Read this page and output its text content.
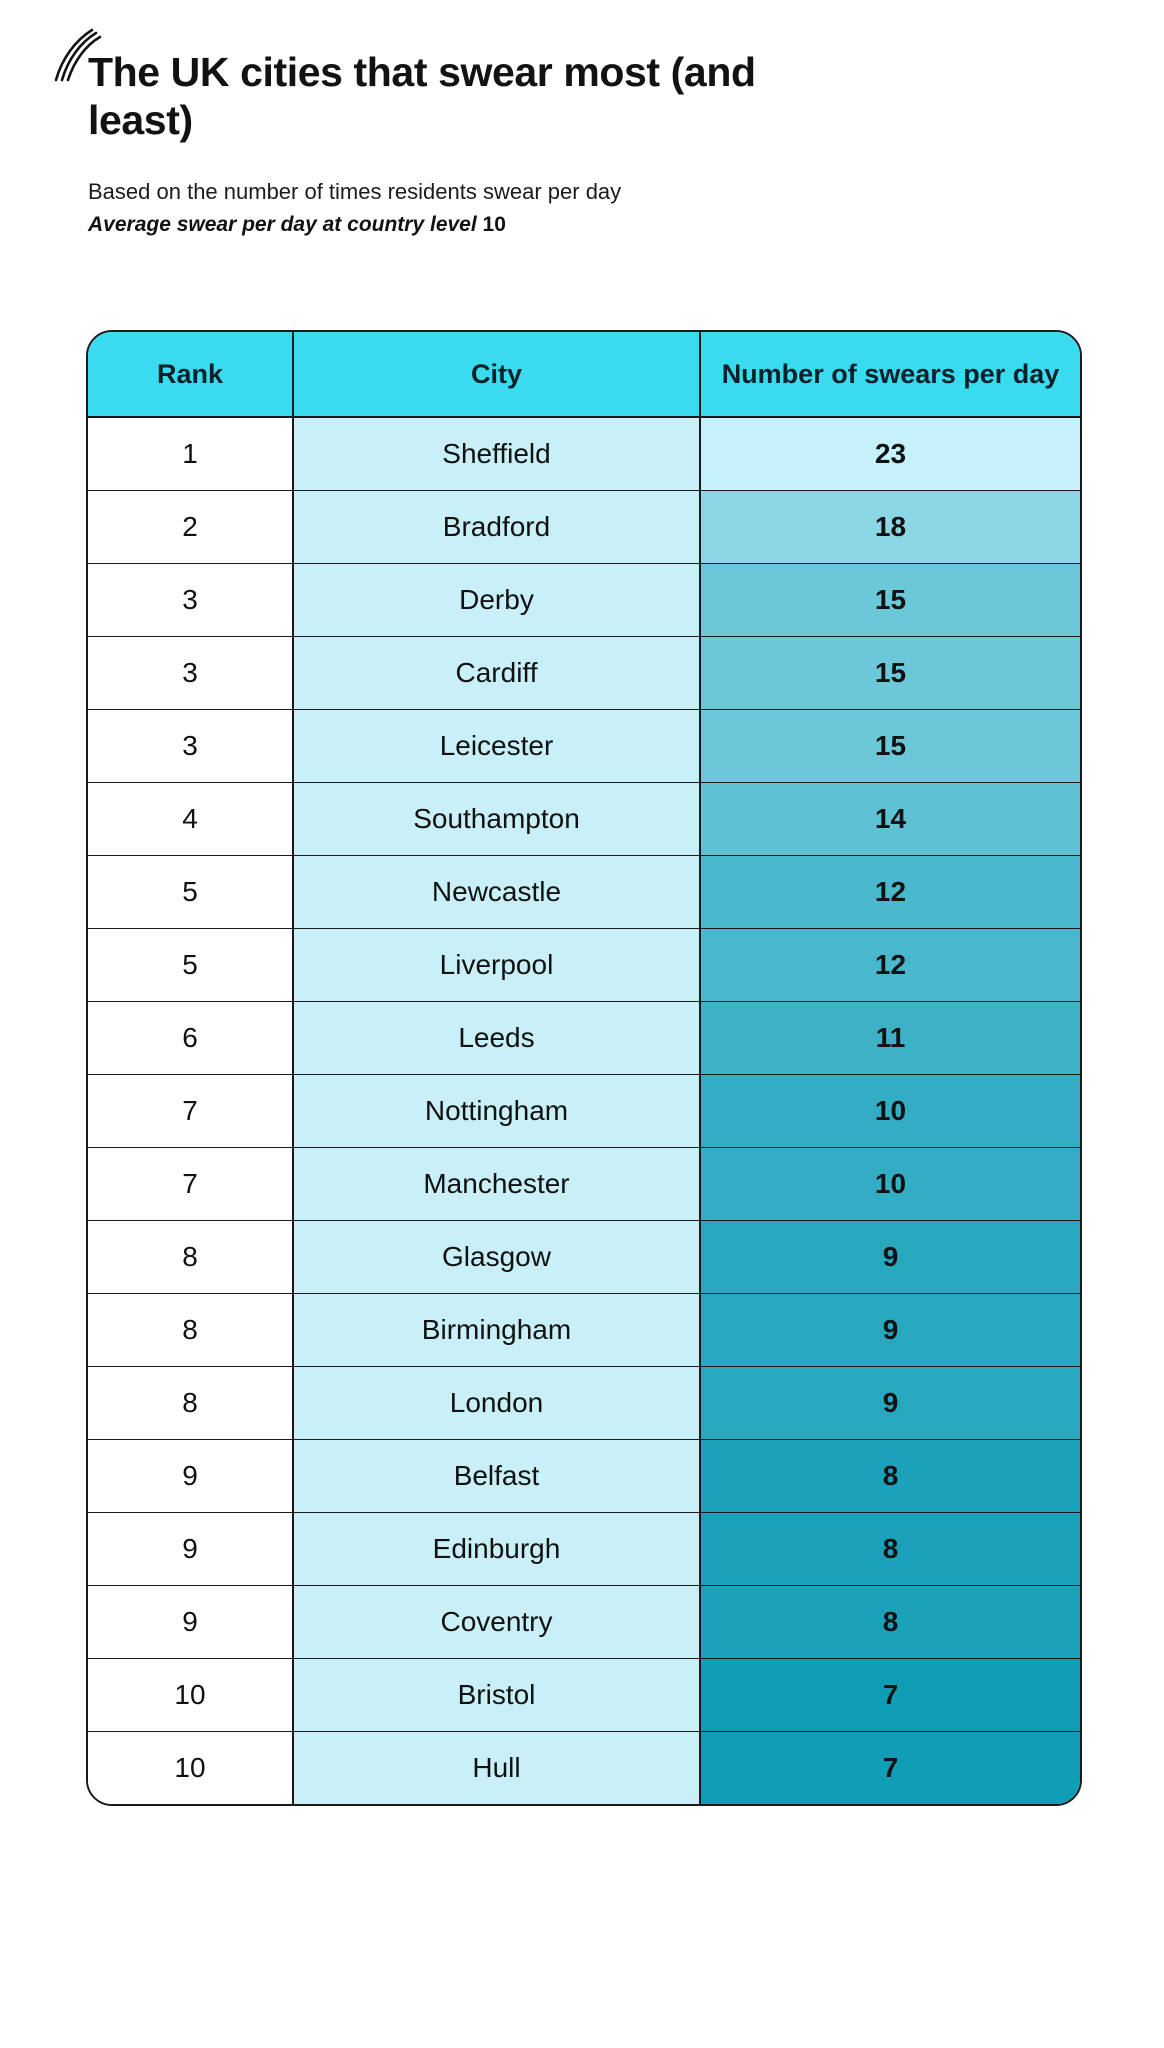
The UK cities that swear most (and least)

Based on the number of times residents swear per day

Average swear per day at country level 10

Rank	City	Number of swears per day
1	Sheffield	23
2	Bradford	18
3	Derby	15
3	Cardiff	15
3	Leicester	15
4	Southampton	14
5	Newcastle	12
5	Liverpool	12
6	Leeds	11
7	Nottingham	10
7	Manchester	10
8	Glasgow	9
8	Birmingham	9
8	London	9
9	Belfast	8
9	Edinburgh	8
9	Coventry	8
10	Bristol	7
10	Hull	7
